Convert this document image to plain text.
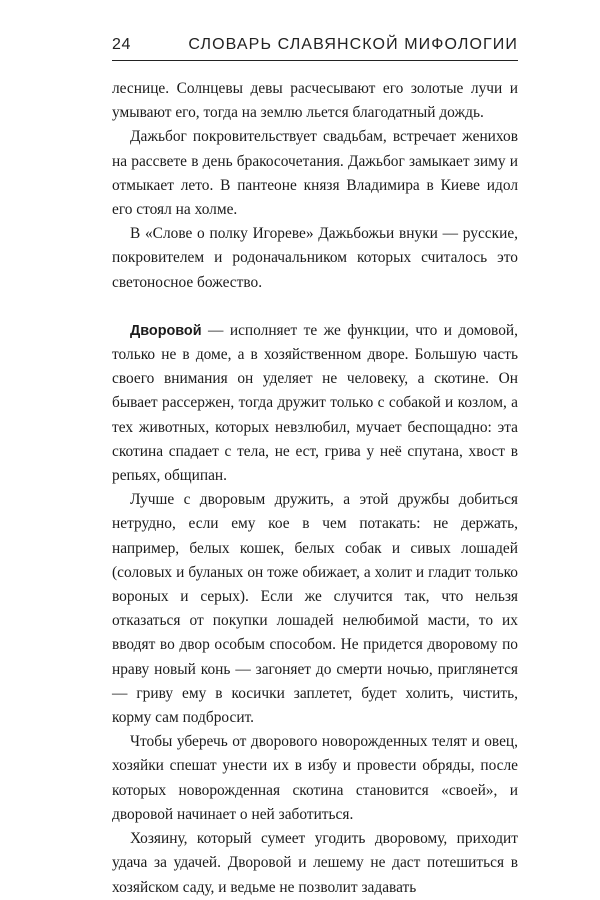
24	СЛОВАРЬ СЛАВЯНСКОЙ МИФОЛОГИИ

леснице. Солнцевы девы расчесывают его золотые лучи и умывают его, тогда на землю льется благодатный дождь.

Дажьбог покровительствует свадьбам, встречает женихов на рассвете в день бракосочетания. Дажьбог замыкает зиму и отмыкает лето. В пантеоне князя Владимира в Киеве идол его стоял на холме.

В «Слове о полку Игореве» Дажьбожьи внуки — русские, покровителем и родоначальником которых считалось это светоносное божество.

Дворовой — исполняет те же функции, что и домовой, только не в доме, а в хозяйственном дворе. Большую часть своего внимания он уделяет не человеку, а скотине. Он бывает рассержен, тогда дружит только с собакой и козлом, а тех животных, которых невзлюбил, мучает беспощадно: эта скотина спадает с тела, не ест, грива у неё спутана, хвост в репьях, общипан.

Лучше с дворовым дружить, а этой дружбы добиться нетрудно, если ему кое в чем потакать: не держать, например, белых кошек, белых собак и сивых лошадей (соловых и буланых он тоже обижает, а холит и гладит только вороных и серых). Если же случится так, что нельзя отказаться от покупки лошадей нелюбимой масти, то их вводят во двор особым способом. Не придется дворовому по нраву новый конь — загоняет до смерти ночью, приглянется — гриву ему в косички заплетет, будет холить, чистить, корму сам подбросит.

Чтобы уберечь от дворового новорожденных телят и овец, хозяйки спешат унести их в избу и провести обряды, после которых новорожденная скотина становится «своей», и дворовой начинает о ней заботиться.

Хозяину, который сумеет угодить дворовому, приходит удача за удачей. Дворовой и лешему не даст потешиться в хозяйском саду, и ведьме не позволит задавать
